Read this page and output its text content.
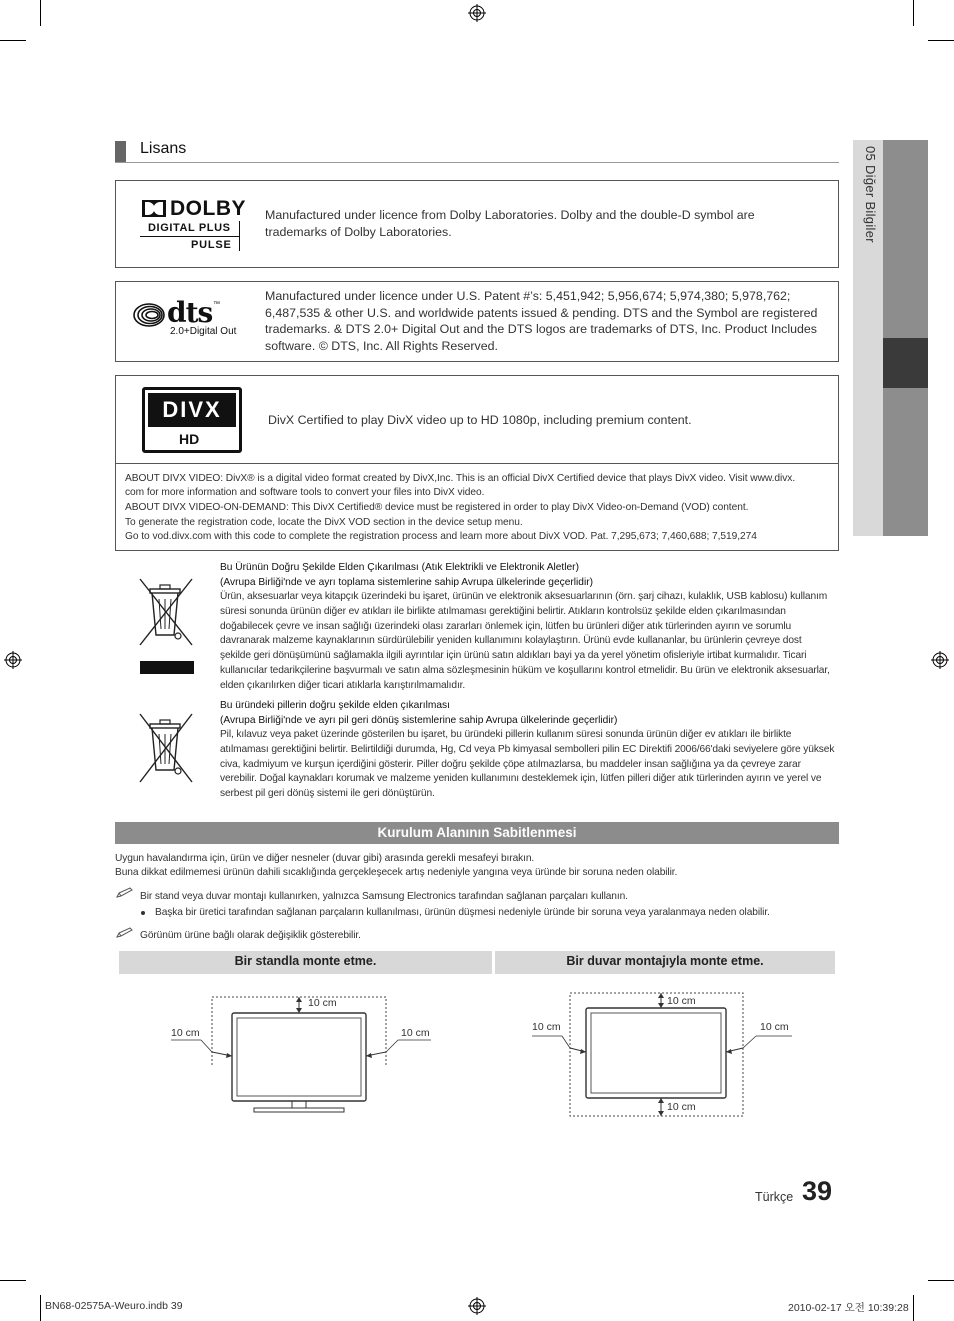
05 Diğer Bilgiler
Lisans
DOLBY
DIGITAL PLUS
PULSE
Manufactured under licence from Dolby Laboratories. Dolby and the double-D symbol are trademarks of Dolby Laboratories.
dts ™
2.0+Digital Out
Manufactured under licence under U.S. Patent #’s: 5,451,942; 5,956,674; 5,974,380; 5,978,762; 6,487,535 & other U.S. and worldwide patents issued & pending. DTS and the Symbol are registered trademarks. & DTS 2.0+ Digital Out and the DTS logos are trademarks of DTS, Inc. Product Includes software. © DTS, Inc. All Rights Reserved.
DIVX
HD
DivX Certified to play DivX video up to HD 1080p, including premium content.
ABOUT DIVX VIDEO: DivX® is a digital video format created by DivX,Inc. This is an official DivX Certified device that plays DivX video. Visit www.divx.
com for more information and software tools to convert your files into DivX video.
ABOUT DIVX VIDEO-ON-DEMAND: This DivX Certified® device must be registered in order to play DivX Video-on-Demand (VOD) content.
To generate the registration code, locate the DivX VOD section in the device setup menu.
Go to vod.divx.com with this code to complete the registration process and learn more about DivX VOD. Pat. 7,295,673; 7,460,688; 7,519,274
Bu Ürünün Doğru Şekilde Elden Çıkarılması (Atık Elektrikli ve Elektronik Aletler)
(Avrupa Birliği'nde ve ayrı toplama sistemlerine sahip Avrupa ülkelerinde geçerlidir)
Ürün, aksesuarlar veya kitapçık üzerindeki bu işaret, ürünün ve elektronik aksesuarlarının (örn. şarj cihazı, kulaklık, USB kablosu) kullanım süresi sonunda ürünün diğer ev atıkları ile birlikte atılmaması gerektiğini belirtir. Atıkların kontrolsüz şekilde elden çıkarılmasından doğabilecek çevre ve insan sağlığı üzerindeki olası zararları önlemek için, lütfen bu ürünleri diğer atık türlerinden ayırın ve sorumlu davranarak malzeme kaynaklarının sürdürülebilir yeniden kullanımını kolaylaştırın. Ürünü evde kullananlar, bu ürünlerin çevreye dost şekilde geri dönüşümünü sağlamakla ilgili ayrıntılar için ürünü satın aldıkları bayi ya da yerel yönetim ofisleriyle irtibat kurmalıdır. Ticari kullanıcılar tedarikçilerine başvurmalı ve satın alma sözleşmesinin hüküm ve koşullarını kontrol etmelidir. Bu ürün ve elektronik aksesuarlar, elden çıkarılırken diğer ticari atıklarla karıştırılmamalıdır.
Bu üründeki pillerin doğru şekilde elden çıkarılması
(Avrupa Birliği'nde ve ayrı pil geri dönüş sistemlerine sahip Avrupa ülkelerinde geçerlidir)
Pil, kılavuz veya paket üzerinde gösterilen bu işaret, bu üründeki pillerin kullanım süresi sonunda ürünün diğer ev atıkları ile birlikte atılmaması gerektiğini belirtir. Belirtildiği durumda, Hg, Cd veya Pb kimyasal sembolleri pilin EC Direktifi 2006/66'daki seviyelere göre yüksek civa, kadmiyum ve kurşun içerdiğini gösterir. Piller doğru şekilde çöpe atılmazlarsa, bu maddeler insan sağlığına ya da çevreye zarar verebilir. Doğal kaynakları korumak ve malzeme yeniden kullanımını desteklemek için, lütfen pilleri diğer atık türlerinden ayırın ve yerel ve serbest pil geri dönüş sistemi ile geri dönüştürün.
Kurulum Alanının Sabitlenmesi
Uygun havalandırma için, ürün ve diğer nesneler (duvar gibi) arasında gerekli mesafeyi bırakın.
Buna dikkat edilmemesi ürünün dahili sıcaklığında gerçekleşecek artış nedeniyle yangına veya üründe bir soruna neden olabilir.
Bir stand veya duvar montajı kullanırken, yalnızca Samsung Electronics tarafından sağlanan parçaları kullanın.
Başka bir üretici tarafından sağlanan parçaların kullanılması, ürünün düşmesi nedeniyle üründe bir soruna veya yaralanmaya neden olabilir.
Görünüm ürüne bağlı olarak değişiklik gösterebilir.
Bir standla monte etme.	Bir duvar montajıyla monte etme.
10 cm
10 cm	10 cm
10 cm
10 cm	10 cm
10 cm
Türkçe 39
BN68-02575A-Weuro.indb 39	2010-02-17 오전 10:39:28
